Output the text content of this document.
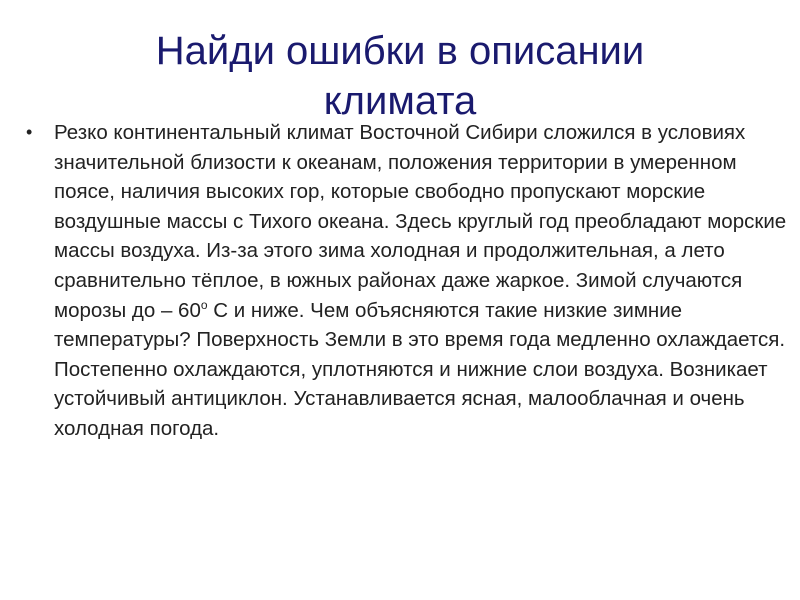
Найди ошибки в описании климата
• Резко континентальный климат Восточной Сибири сложился в условиях значительной близости к океанам, положения территории в умеренном поясе, наличия высоких гор, которые свободно пропускают морские воздушные массы с Тихого океана. Здесь круглый год преобладают морские массы воздуха. Из-за этого зима холодная и продолжительная, а лето сравнительно тёплое, в южных районах даже жаркое. Зимой случаются морозы до – $60^о$ С и ниже. Чем объясняются такие низкие зимние температуры? Поверхность Земли в это время года медленно охлаждается. Постепенно охлаждаются, уплотняются и нижние слои воздуха. Возникает устойчивый антициклон. Устанавливается ясная, малооблачная и очень холодная погода.
